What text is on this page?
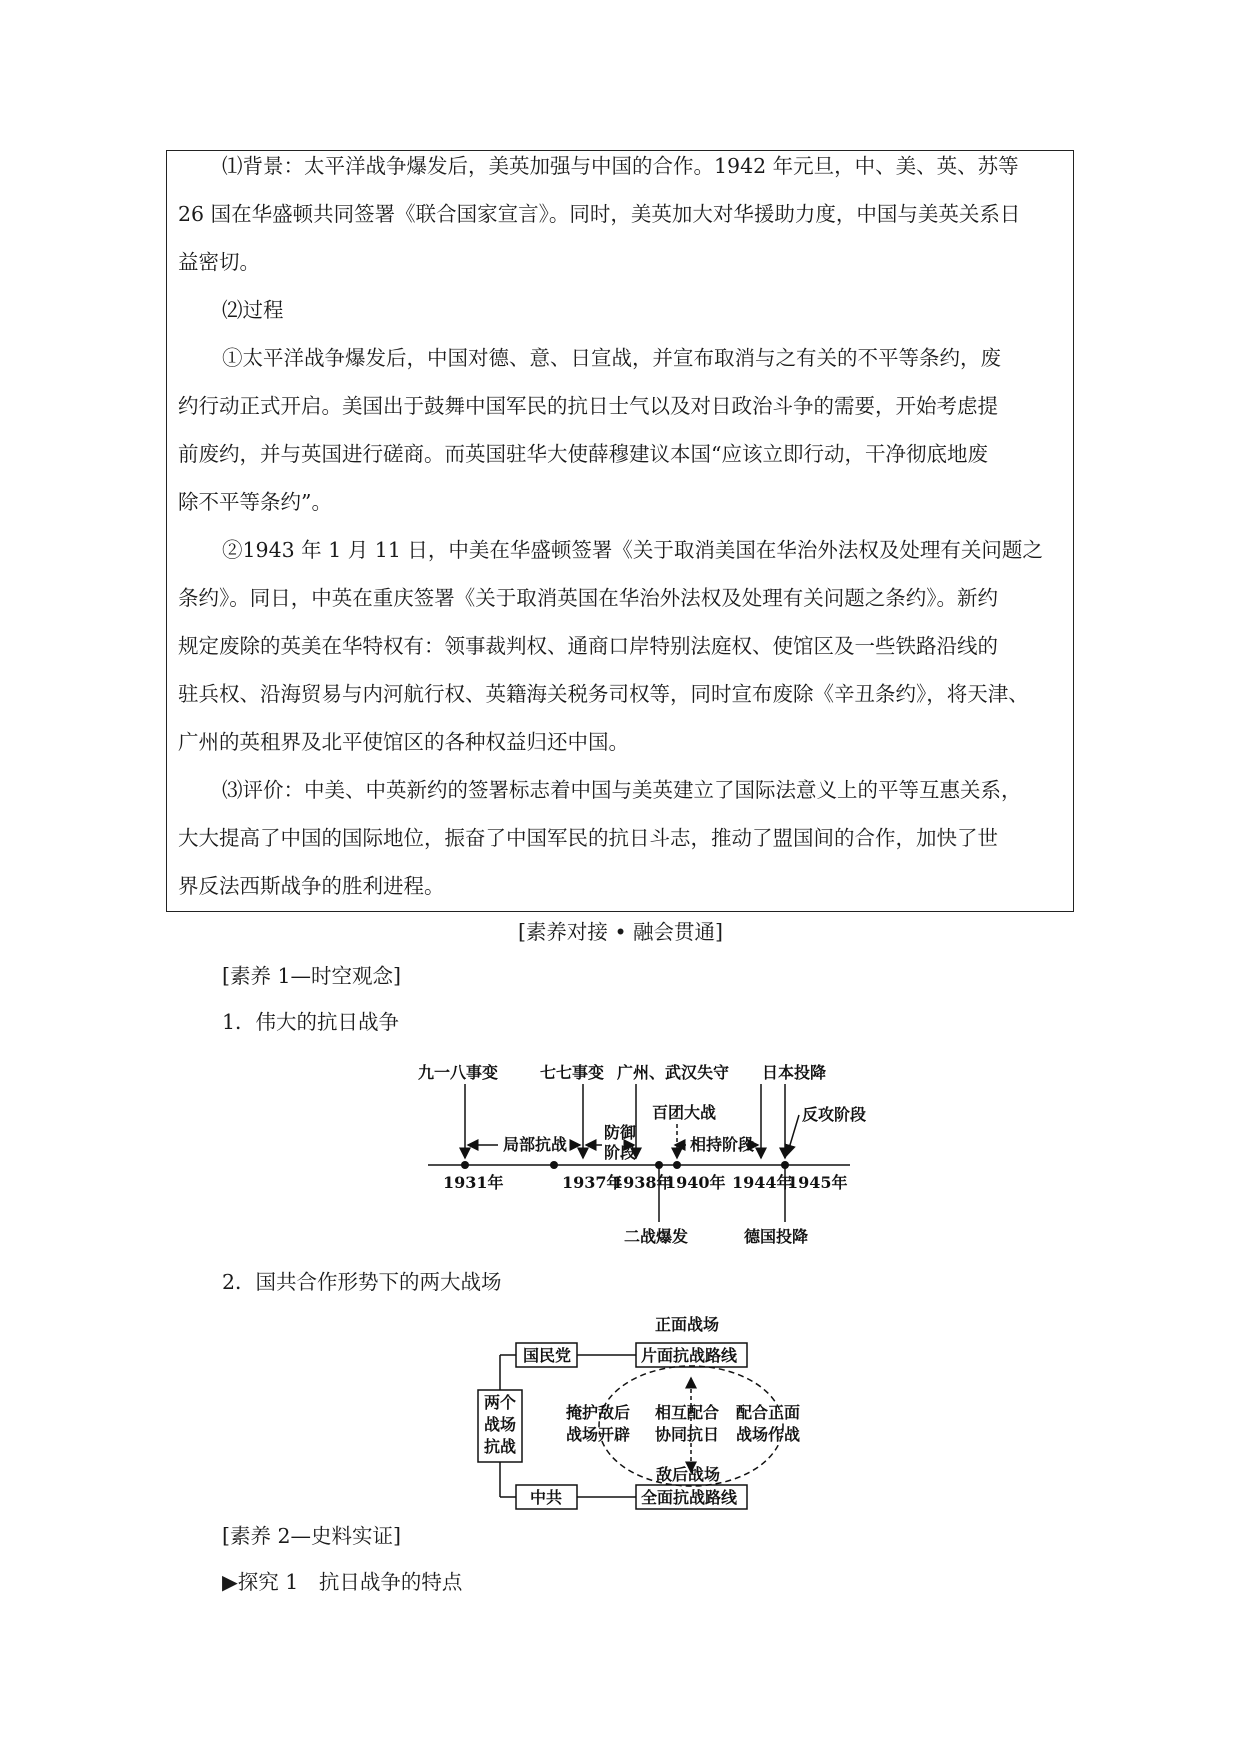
⑴背景：太平洋战争爆发后，美英加强与中国的合作。1942 年元旦，中、美、英、苏等
26 国在华盛顿共同签署《联合国家宣言》。同时，美英加大对华援助力度，中国与美英关系日
益密切。
⑵过程
①太平洋战争爆发后，中国对德、意、日宣战，并宣布取消与之有关的不平等条约，废
约行动正式开启。美国出于鼓舞中国军民的抗日士气以及对日政治斗争的需要，开始考虑提
前废约，并与英国进行磋商。而英国驻华大使薛穆建议本国“应该立即行动，干净彻底地废
除不平等条约”。
②1943 年 1 月 11 日，中美在华盛顿签署《关于取消美国在华治外法权及处理有关问题之
条约》。同日，中英在重庆签署《关于取消英国在华治外法权及处理有关问题之条约》。新约
规定废除的英美在华特权有：领事裁判权、通商口岸特别法庭权、使馆区及一些铁路沿线的
驻兵权、沿海贸易与内河航行权、英籍海关税务司权等，同时宣布废除《辛丑条约》，将天津、
广州的英租界及北平使馆区的各种权益归还中国。
⑶评价：中美、中英新约的签署标志着中国与美英建立了国际法意义上的平等互惠关系，
大大提高了中国的国际地位，振奋了中国军民的抗日斗志，推动了盟国间的合作，加快了世
界反法西斯战争的胜利进程。
[素养对接 • 融会贯通]
[素养 1—时空观念]
1．伟大的抗日战争
九一八事变	七七事变 广州、武汉失守
百团大战
日本投降
反攻阶段
局部抗战
防御
阶段	相持阶段
1931年	1937年
1938年
1940年 1944年
1945年
二战爆发	德国投降
2．国共合作形势下的两大战场
正面战场
国民党	片面抗战路线
两个
战场
抗战
掩护敌后
战场开辟
相互配合
协同抗日
配合正面
战场作战
敌后战场
中共	全面抗战路线
[素养 2—史料实证]
▶探究 1　抗日战争的特点
